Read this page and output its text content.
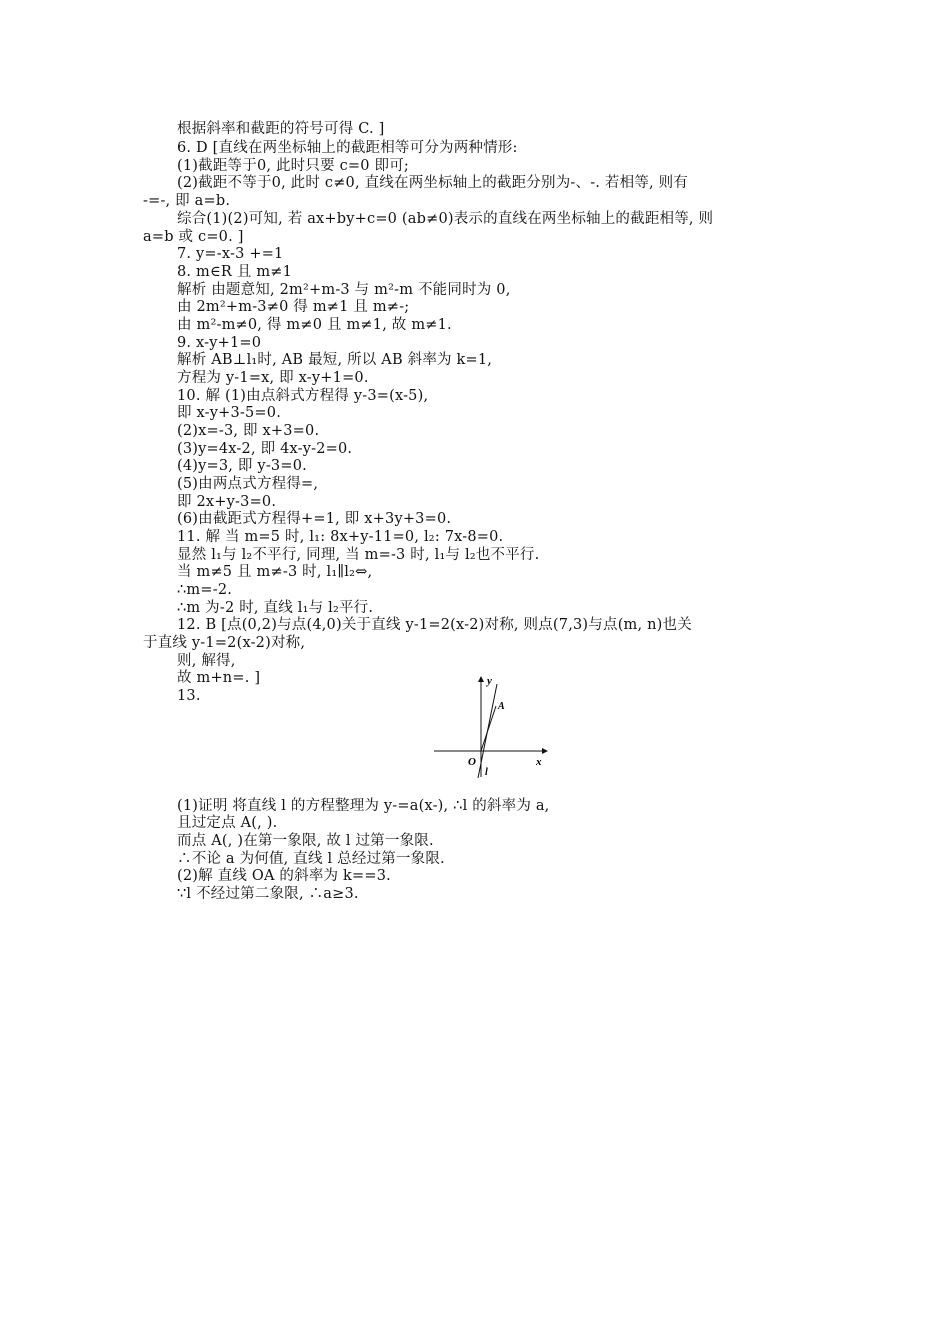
根据斜率和截距的符号可得 C. ]
6. D [直线在两坐标轴上的截距相等可分为两种情形:
(1)截距等于0, 此时只要 c=0 即可;
(2)截距不等于0, 此时 c≠0, 直线在两坐标轴上的截距分别为-、-. 若相等, 则有
-=-, 即 a=b.
综合(1)(2)可知, 若 ax+by+c=0 (ab≠0)表示的直线在两坐标轴上的截距相等, 则
a=b 或 c=0. ]
7. y=-x-3 +=1
8. m∈R 且 m≠1
解析 由题意知, 2m²+m-3 与 m²-m 不能同时为 0,
由 2m²+m-3≠0 得 m≠1 且 m≠-;
由 m²-m≠0, 得 m≠0 且 m≠1, 故 m≠1.
9. x-y+1=0
解析 AB⊥l₁时, AB 最短, 所以 AB 斜率为 k=1,
方程为 y-1=x, 即 x-y+1=0.
10. 解 (1)由点斜式方程得 y-3=(x-5),
即 x-y+3-5=0.
(2)x=-3, 即 x+3=0.
(3)y=4x-2, 即 4x-y-2=0.
(4)y=3, 即 y-3=0.
(5)由两点式方程得=,
即 2x+y-3=0.
(6)由截距式方程得+=1, 即 x+3y+3=0.
11. 解 当 m=5 时, l₁: 8x+y-11=0, l₂: 7x-8=0.
显然 l₁与 l₂不平行, 同理, 当 m=-3 时, l₁与 l₂也不平行.
当 m≠5 且 m≠-3 时, l₁∥l₂⇔,
∴m=-2.
∴m 为-2 时, 直线 l₁与 l₂平行.
12. B [点(0,2)与点(4,0)关于直线 y-1=2(x-2)对称, 则点(7,3)与点(m, n)也关
于直线 y-1=2(x-2)对称,
则, 解得,
故 m+n=. ]
13.
y
x
O
A
l
(1)证明 将直线 l 的方程整理为 y-=a(x-), ∴l 的斜率为 a,
且过定点 A(, ).
而点 A(, )在第一象限, 故 l 过第一象限.
∴不论 a 为何值, 直线 l 总经过第一象限.
(2)解 直线 OA 的斜率为 k==3.
∵l 不经过第二象限, ∴a≥3.
